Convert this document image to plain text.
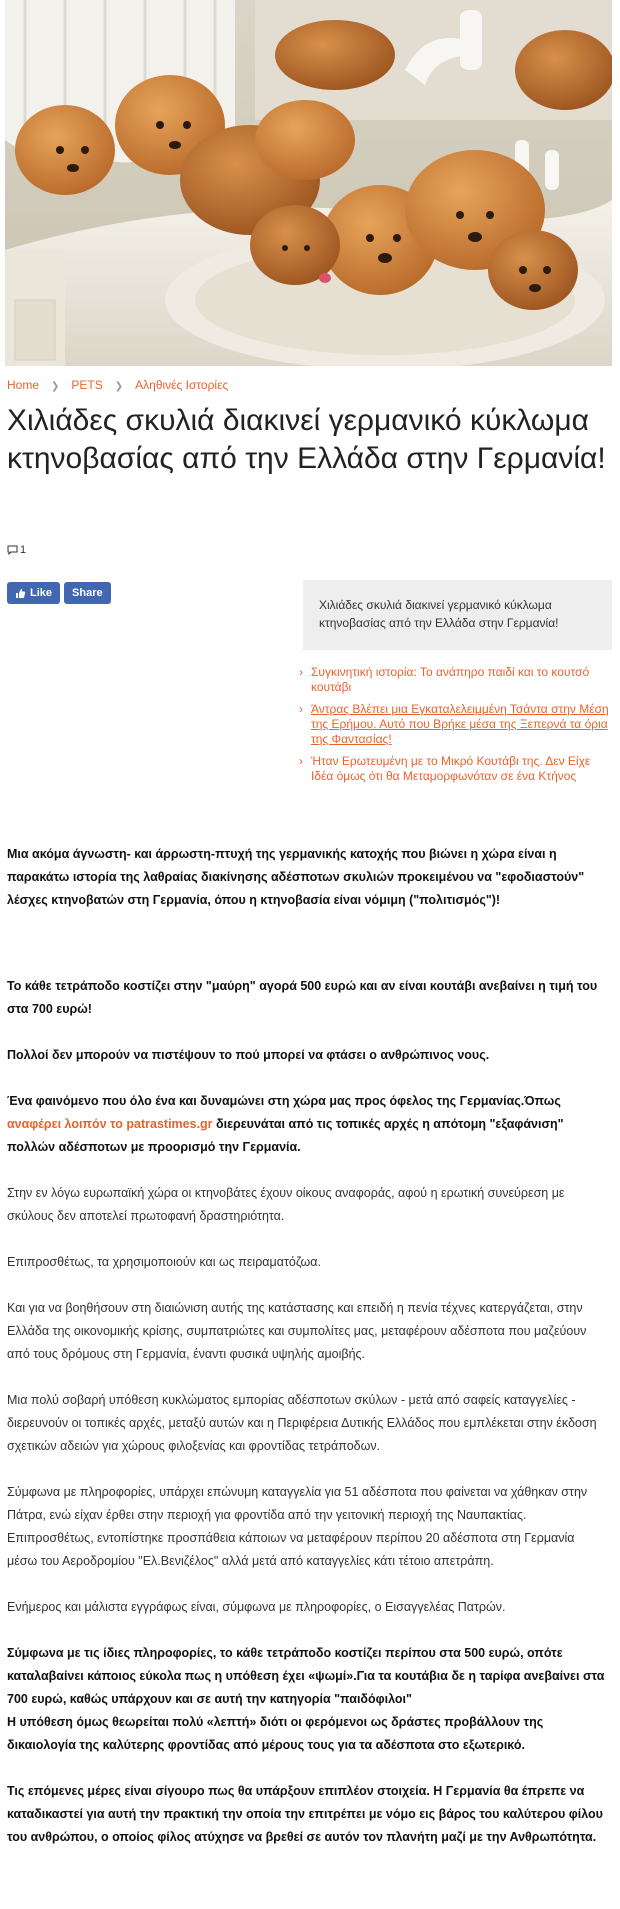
Home ❯ PETS ❯ Αληθινές Ιστορίες
Χιλιάδες σκυλιά διακινεί γερμανικό κύκλωμα κτηνοβασίας από την Ελλάδα στην Γερμανία!
1
Like Share
Χιλιάδες σκυλιά διακινεί γερμανικό κύκλωμα κτηνοβασίας από την Ελλάδα στην Γερμανία!
› Συγκινητική ιστορία: Το ανάπηρο παιδί και το κουτσό κουτάβι
› Άντρας Βλέπει μια Εγκαταλελειμμένη Τσάντα στην Μέση της Ερήμου. Αυτό που Βρήκε μέσα της Ξεπερνά τα όρια της Φαντασίας!
› Ήταν Ερωτευμένη με το Μικρό Κουτάβι της. Δεν Είχε Ιδέα όμως ότι θα Μεταμορφωνόταν σε ένα Κτήνος

Μια ακόμα άγνωστη- και άρρωστη-πτυχή της γερμανικής κατοχής που βιώνει η χώρα είναι η παρακάτω ιστορία της λαθραίας διακίνησης αδέσποτων σκυλιών προκειμένου να "εφοδιαστούν" λέσχες κτηνοβατών στη Γερμανία, όπου η κτηνοβασία είναι νόμιμη ("πολιτισμός")!

Το κάθε τετράποδο κοστίζει στην "μαύρη" αγορά 500 ευρώ και αν είναι κουτάβι ανεβαίνει η τιμή του στα 700 ευρώ!

Πολλοί δεν μπορούν να πιστέψουν το πού μπορεί να φτάσει ο ανθρώπινος νους.

Ένα φαινόμενο που όλο ένα και δυναμώνει στη χώρα μας προς όφελος της Γερμανίας.Όπως αναφέρει λοιπόν το patrastimes.gr διερευνάται από τις τοπικές αρχές η απότομη "εξαφάνιση" πολλών αδέσποτων με προορισμό την Γερμανία.

Στην εν λόγω ευρωπαϊκή χώρα οι κτηνοβάτες έχουν οίκους αναφοράς, αφού η ερωτική συνεύρεση με σκύλους δεν αποτελεί πρωτοφανή δραστηριότητα.

Επιπροσθέτως, τα χρησιμοποιούν και ως πειραματόζωα.

Και για να βοηθήσουν στη διαιώνιση αυτής της κατάστασης και επειδή η πενία τέχνες κατεργάζεται, στην Ελλάδα της οικονομικής κρίσης, συμπατριώτες και συμπολίτες μας, μεταφέρουν αδέσποτα που μαζεύουν από τους δρόμους στη Γερμανία, έναντι φυσικά υψηλής αμοιβής.

Μια πολύ σοβαρή υπόθεση κυκλώματος εμπορίας αδέσποτων σκύλων - μετά από σαφείς καταγγελίες - διερευνούν οι τοπικές αρχές, μεταξύ αυτών και η Περιφέρεια Δυτικής Ελλάδος που εμπλέκεται στην έκδοση σχετικών αδειών για χώρους φιλοξενίας και φροντίδας τετράποδων.

Σύμφωνα με πληροφορίες, υπάρχει επώνυμη καταγγελία για 51 αδέσποτα που φαίνεται να χάθηκαν στην Πάτρα, ενώ είχαν έρθει στην περιοχή για φροντίδα από την γειτονική περιοχή της Ναυπακτίας.

Επιπροσθέτως, εντοπίστηκε προσπάθεια κάποιων να μεταφέρουν περίπου 20 αδέσποτα στη Γερμανία μέσω του Αεροδρομίου "Ελ.Βενιζέλος" αλλά μετά από καταγγελίες κάτι τέτοιο απετράπη.

Ενήμερος και μάλιστα εγγράφως είναι, σύμφωνα με πληροφορίες, ο Εισαγγελέας Πατρών.

Σύμφωνα με τις ίδιες πληροφορίες, το κάθε τετράποδο κοστίζει περίπου στα 500 ευρώ, οπότε καταλαβαίνει κάποιος εύκολα πως η υπόθεση έχει «ψωμί».Για τα κουτάβια δε η ταρίφα ανεβαίνει στα 700 ευρώ, καθώς υπάρχουν και σε αυτή την κατηγορία "παιδόφιλοι"

Η υπόθεση όμως θεωρείται πολύ «λεπτή» διότι οι φερόμενοι ως δράστες προβάλλουν της δικαιολογία της καλύτερης φροντίδας από μέρους τους για τα αδέσποτα στο εξωτερικό.

Τις επόμενες μέρες είναι σίγουρο πως θα υπάρξουν επιπλέον στοιχεία. Η Γερμανία θα έπρεπε να καταδικαστεί για αυτή την πρακτική την οποία την επιτρέπει με νόμο εις βάρος του καλύτερου φίλου του ανθρώπου, ο οποίος φίλος ατύχησε να βρεθεί σε αυτόν τον πλανήτη μαζί με την Ανθρωπότητα.
